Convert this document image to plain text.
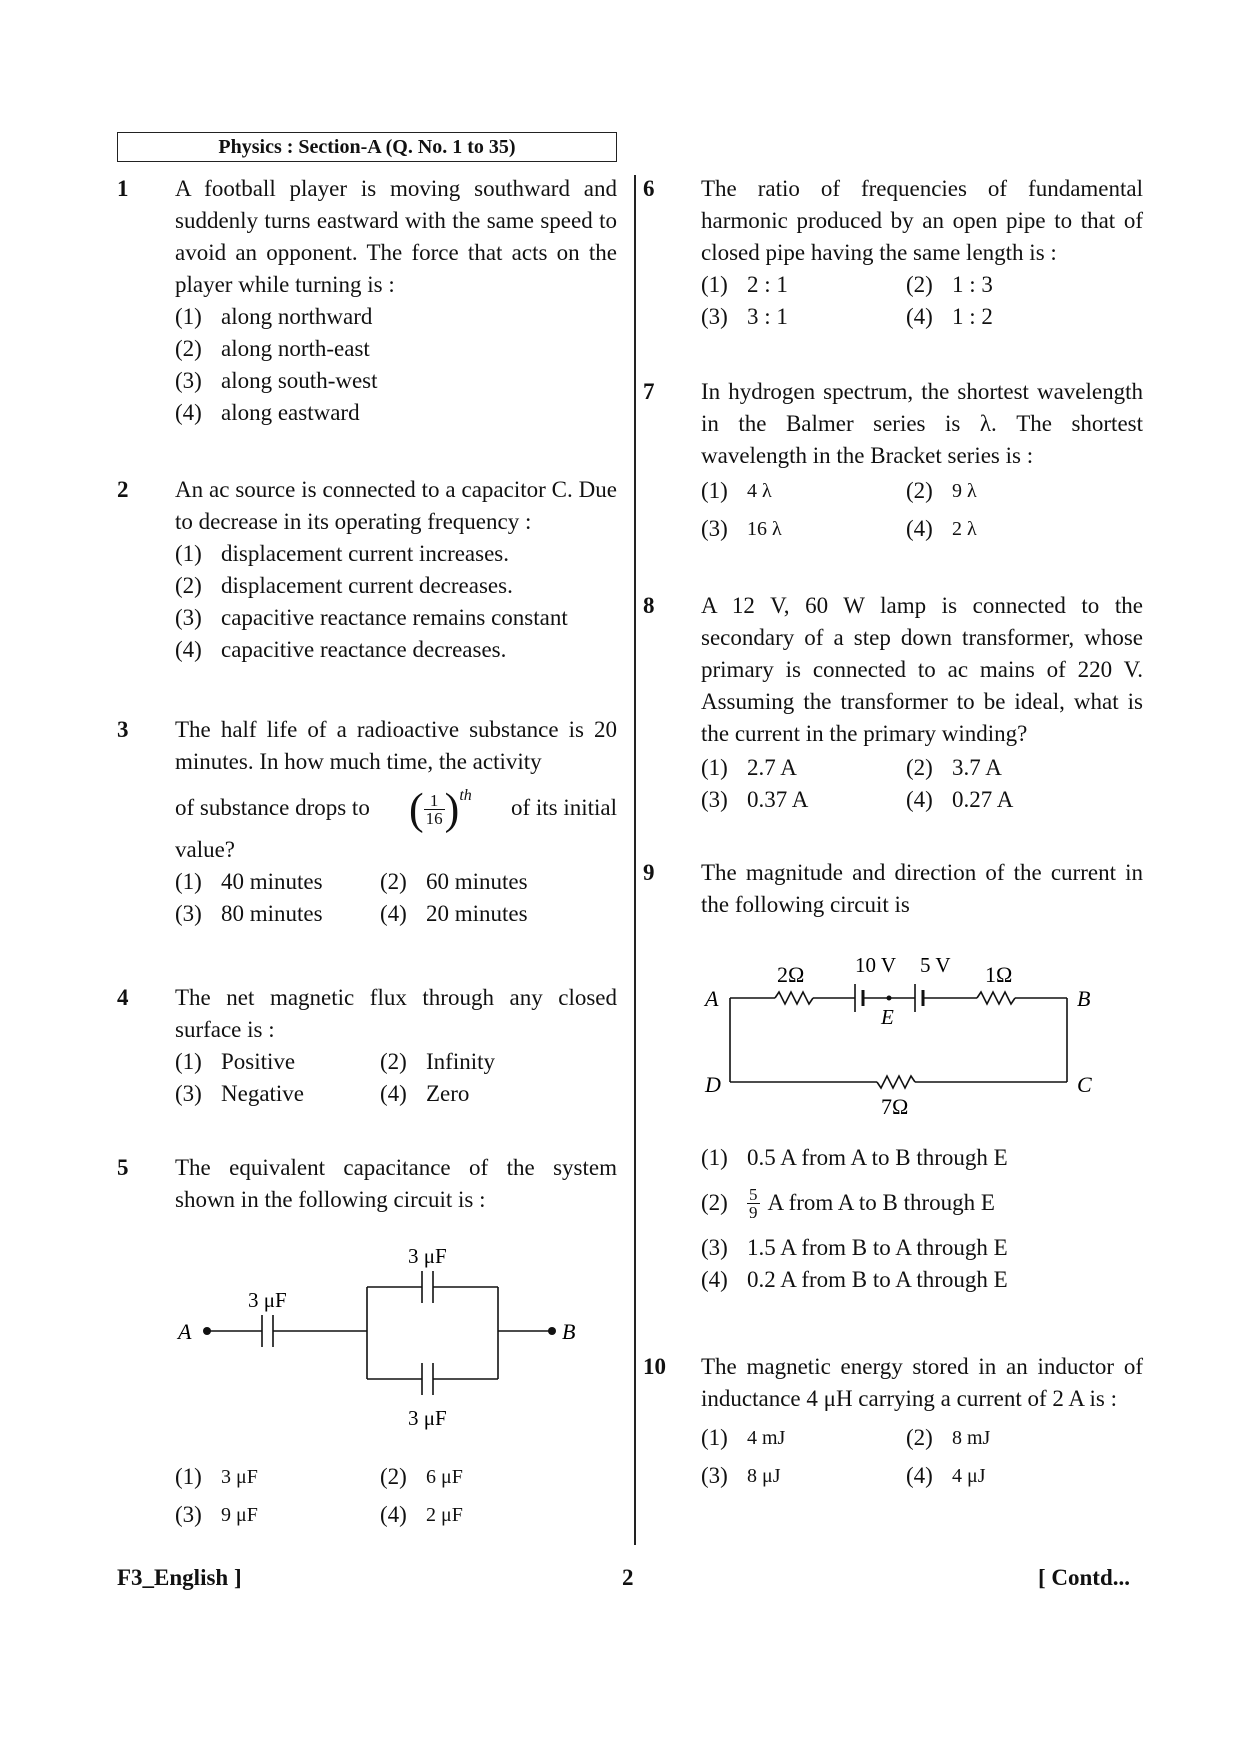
Physics : Section-A (Q. No. 1 to 35)
1	A football player is moving southward and suddenly turns eastward with the same speed to avoid an opponent. The force that acts on the player while turning is :
(1) along northward
(2) along north-east
(3) along south-west
(4) along eastward
2	An ac source is connected to a capacitor C. Due to decrease in its operating frequency :
(1) displacement current increases.
(2) displacement current decreases.
(3) capacitive reactance remains constant
(4) capacitive reactance decreases.
3	The half life of a radioactive substance is 20 minutes. In how much time, the activity
of substance drops to ( $\frac{1}{16} )^{th}$ of its initial
value?
(1) 40 minutes (2) 60 minutes
(3) 80 minutes (4) 20 minutes
4	The net magnetic flux through any closed surface is :
(1) Positive	(2) Infinity
(3) Negative	(4) Zero
5	The equivalent capacitance of the system shown in the following circuit is :
A	B
3 μF
3 μF
3 μF
(1) 3 μF	(2) 6 μF
(3) 9 μF	(4) 2 μF
6	The ratio of frequencies of fundamental harmonic produced by an open pipe to that of closed pipe having the same length is :
(1) 2 : 1	(2) 1 : 3
(3) 3 : 1	(4) 1 : 2
7	In hydrogen spectrum, the shortest wavelength in the Balmer series is λ. The shortest wavelength in the Bracket series is :
(1) 4 λ	(2) 9 λ
(3) 16 λ	(4) 2 λ
8	A 12 V, 60 W lamp is connected to the secondary of a step down transformer, whose primary is connected to ac mains of 220 V. Assuming the transformer to be ideal, what is the current in the primary winding?
(1) 2.7 A	(2) 3.7 A
(3) 0.37 A	(4) 0.27 A
9	The magnitude and direction of the current in the following circuit is
A	B
D	C
E
2Ω 10 V 5 V 1Ω
7Ω
(1) 0.5 A from A to B through E
(2)	$\frac{5}{9}$ A from A to B through E
(3) 1.5 A from B to A through E
(4) 0.2 A from B to A through E
10	The magnetic energy stored in an inductor of inductance 4 μH carrying a current of 2 A is :
(1) 4 mJ	(2) 8 mJ
(3) 8 μJ	(4) 4 μJ
F3_English ]	2	[ Contd...
